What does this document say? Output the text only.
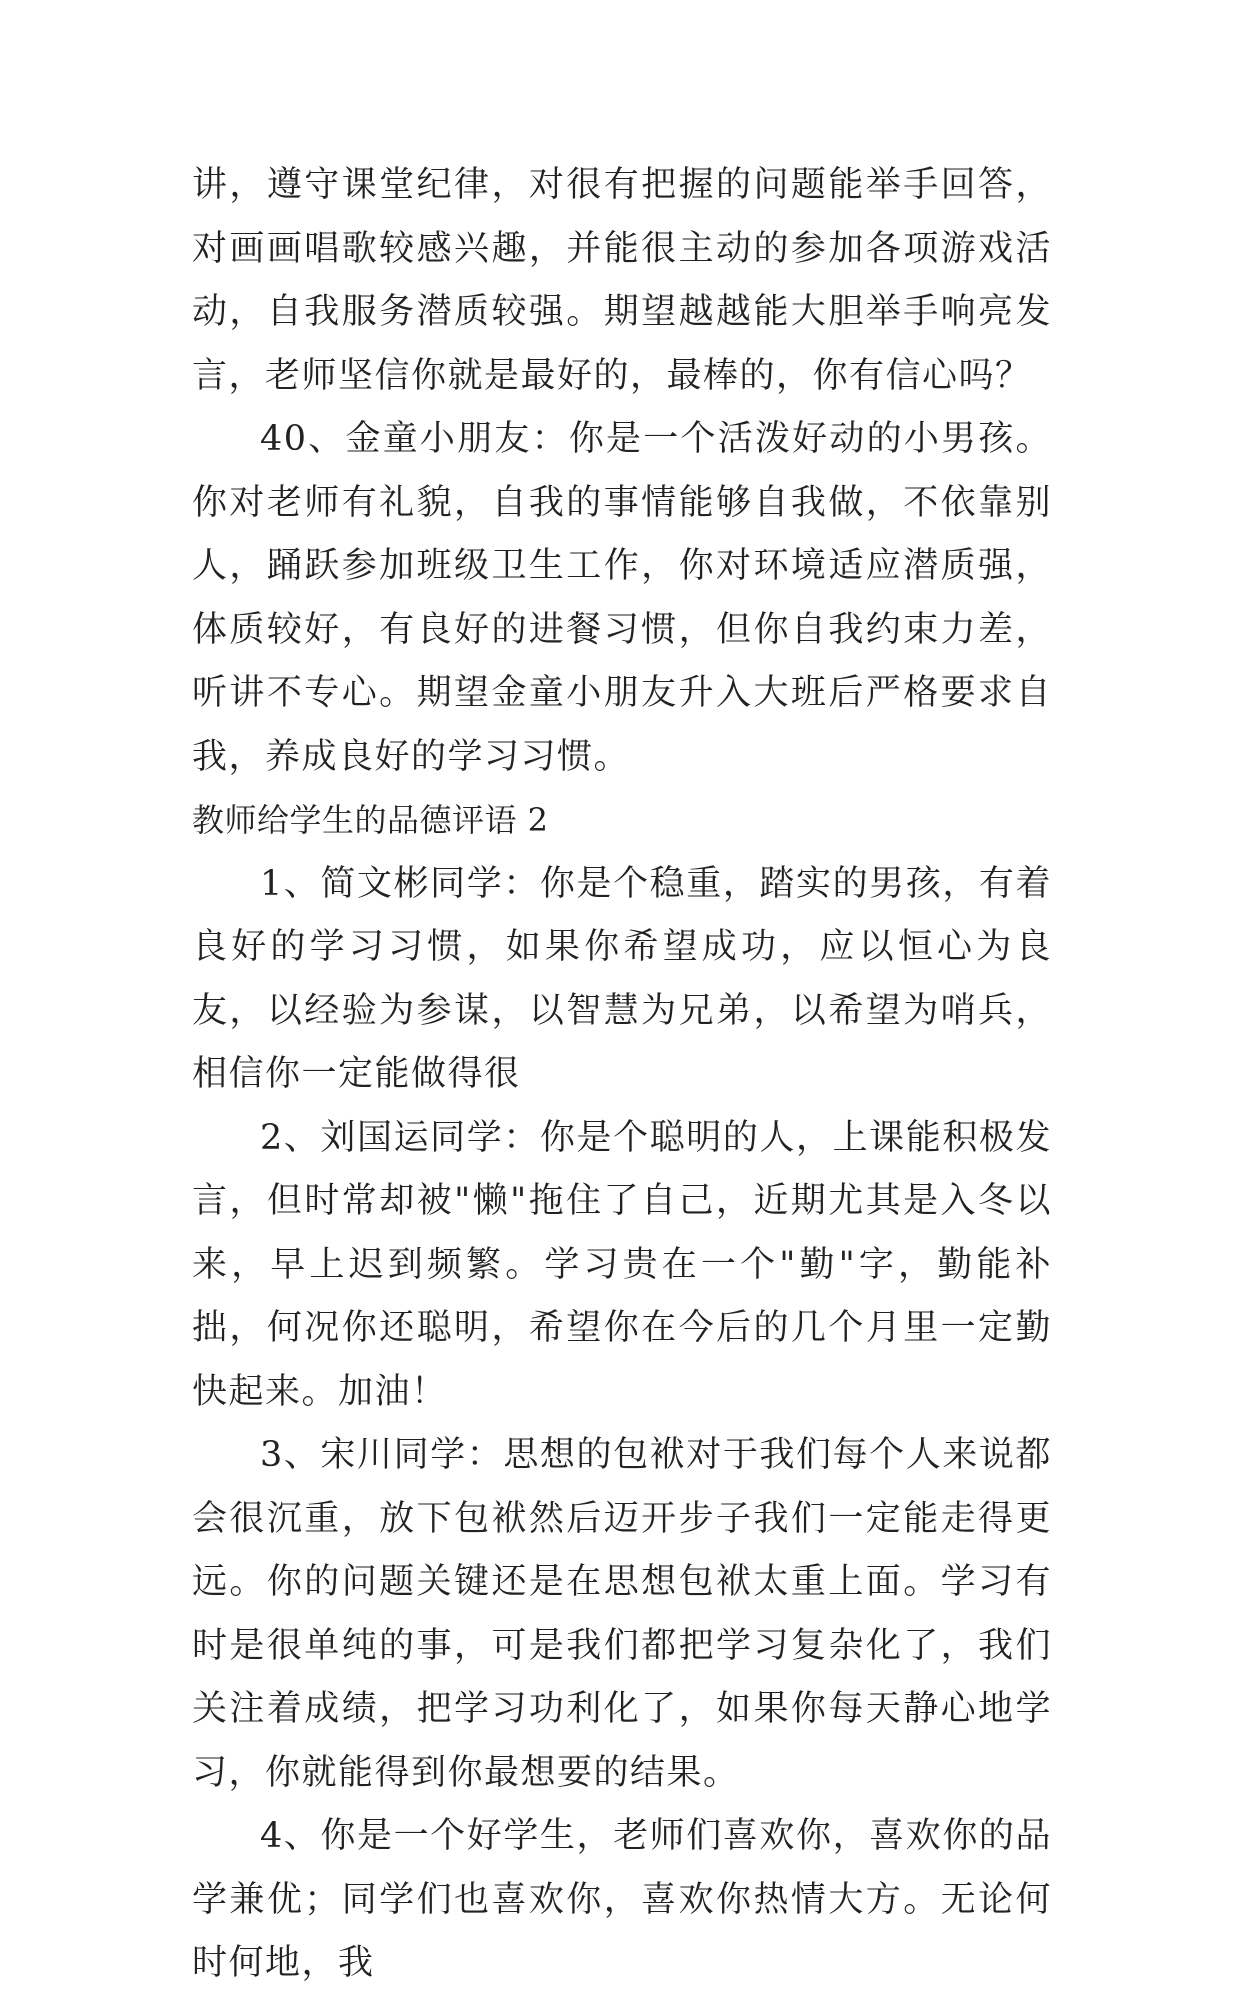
讲，遵守课堂纪律，对很有把握的问题能举手回答，对画画唱歌较感兴趣，并能很主动的参加各项游戏活动，自我服务潜质较强。期望越越能大胆举手响亮发言，老师坚信你就是最好的，最棒的，你有信心吗？

40、金童小朋友：你是一个活泼好动的小男孩。你对老师有礼貌，自我的事情能够自我做，不依靠别人，踊跃参加班级卫生工作，你对环境适应潜质强，体质较好，有良好的进餐习惯，但你自我约束力差，听讲不专心。期望金童小朋友升入大班后严格要求自我，养成良好的学习习惯。

教师给学生的品德评语 2

1、简文彬同学：你是个稳重，踏实的男孩，有着良好的学习习惯，如果你希望成功，应以恒心为良友，以经验为参谋，以智慧为兄弟，以希望为哨兵，相信你一定能做得很

2、刘国运同学：你是个聪明的人，上课能积极发言，但时常却被"懒"拖住了自己，近期尤其是入冬以来，早上迟到频繁。学习贵在一个"勤"字，勤能补拙，何况你还聪明，希望你在今后的几个月里一定勤快起来。加油！

3、宋川同学：思想的包袱对于我们每个人来说都会很沉重，放下包袱然后迈开步子我们一定能走得更远。你的问题关键还是在思想包袱太重上面。学习有时是很单纯的事，可是我们都把学习复杂化了，我们关注着成绩，把学习功利化了，如果你每天静心地学习，你就能得到你最想要的结果。

4、你是一个好学生，老师们喜欢你，喜欢你的品学兼优；同学们也喜欢你，喜欢你热情大方。无论何时何地，我
